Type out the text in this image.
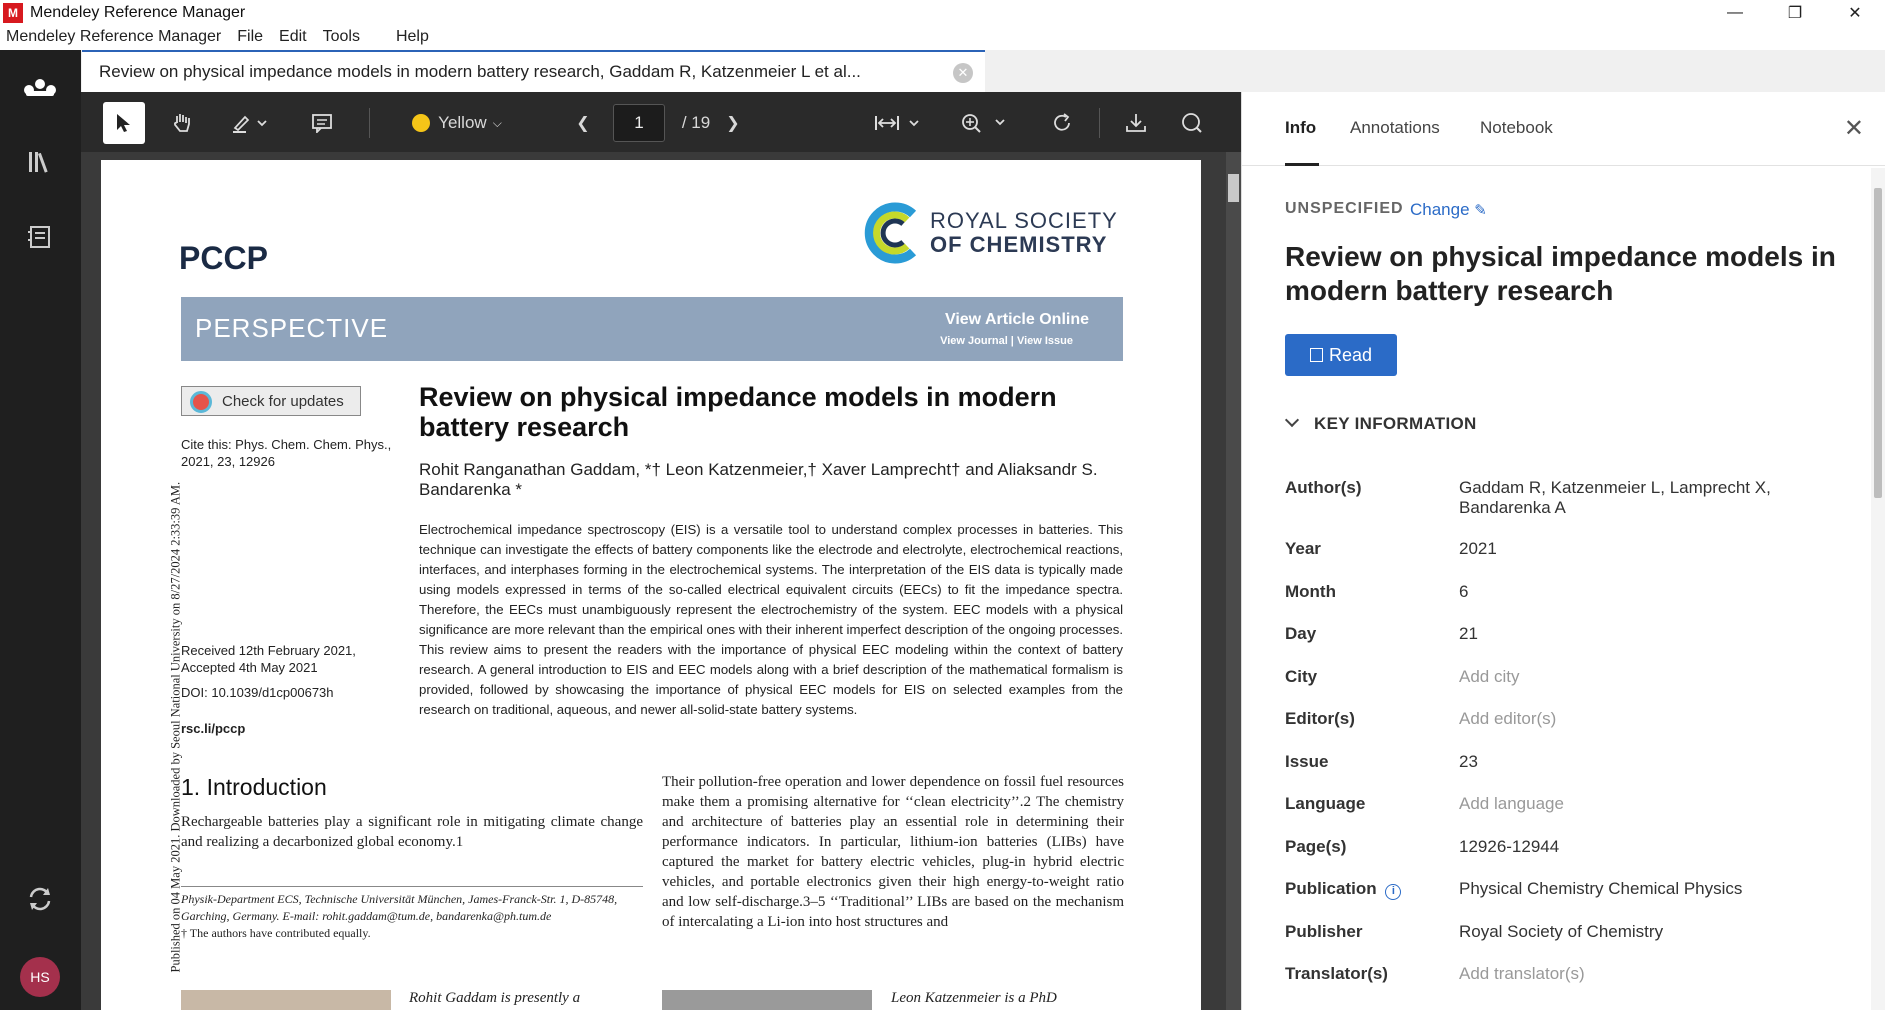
M Mendeley Reference Manager	—	❐	✕
Mendeley Reference Manager File Edit Tools Help
HS
Review on physical impedance models in modern battery research, Gaddam R, Katzenmeier L et al...	✕
Yellow ⌵	❮	1	/ 19	❯
ROYAL SOCIETY
OF CHEMISTRY
PCCP
PERSPECTIVE	View Article Online
View Journal | View Issue
Check for updates
Cite this: Phys. Chem. Chem. Phys., 2021, 23, 12926
Received 12th February 2021, Accepted 4th May 2021
DOI: 10.1039/d1cp00673h
rsc.li/pccp
Review on physical impedance models in modern battery research
Rohit Ranganathan Gaddam, *† Leon Katzenmeier,† Xaver Lamprecht† and Aliaksandr S. Bandarenka *
Electrochemical impedance spectroscopy (EIS) is a versatile tool to understand complex processes in batteries. This technique can investigate the effects of battery components like the electrode and electrolyte, electrochemical reactions, interfaces, and interphases forming in the electrochemical systems. The interpretation of the EIS data is typically made using models expressed in terms of the so-called electrical equivalent circuits (EECs) to fit the impedance spectra. Therefore, the EECs must unambiguously represent the electrochemistry of the system. EEC models with a physical significance are more relevant than the empirical ones with their inherent imperfect description of the ongoing processes. This review aims to present the readers with the importance of physical EEC modeling within the context of battery research. A general introduction to EIS and EEC models along with a brief description of the mathematical formalism is provided, followed by showcasing the importance of physical EEC models for EIS on selected examples from the research on traditional, aqueous, and newer all-solid-state battery systems.
1. Introduction
Rechargeable batteries play a significant role in mitigating climate change and realizing a decarbonized global economy.1
Physik-Department ECS, Technische Universität München, James-Franck-Str. 1, D-85748, Garching, Germany. E-mail: rohit.gaddam@tum.de, bandarenka@ph.tum.de
† The authors have contributed equally.
Their pollution-free operation and lower dependence on fossil fuel resources make them a promising alternative for ‘‘clean electricity’’.2 The chemistry and architecture of batteries play an essential role in determining their performance indicators. In particular, lithium-ion batteries (LIBs) have captured the market for battery electric vehicles, plug-in hybrid electric vehicles, and portable electronics given their high energy-to-weight ratio and low self-discharge.3–5 ‘‘Traditional’’ LIBs are based on the mechanism of intercalating a Li-ion into host structures and
Published on 04 May 2021. Downloaded by Seoul National University on 8/27/2024 2:33:39 AM.
Rohit Gaddam is presently a	Leon Katzenmeier is a PhD
Info Annotations Notebook	✕
UNSPECIFIED Change ✎
Review on physical impedance models in modern battery research
Read
KEY INFORMATION
Author(s)	Gaddam R, Katzenmeier L, Lamprecht X, Bandarenka A
Year	2021
Month	6
Day	21
City	Add city
Editor(s)	Add editor(s)
Issue	23
Language	Add language
Page(s)	12926-12944
Publication i	Physical Chemistry Chemical Physics
Publisher	Royal Society of Chemistry
Translator(s)	Add translator(s)
